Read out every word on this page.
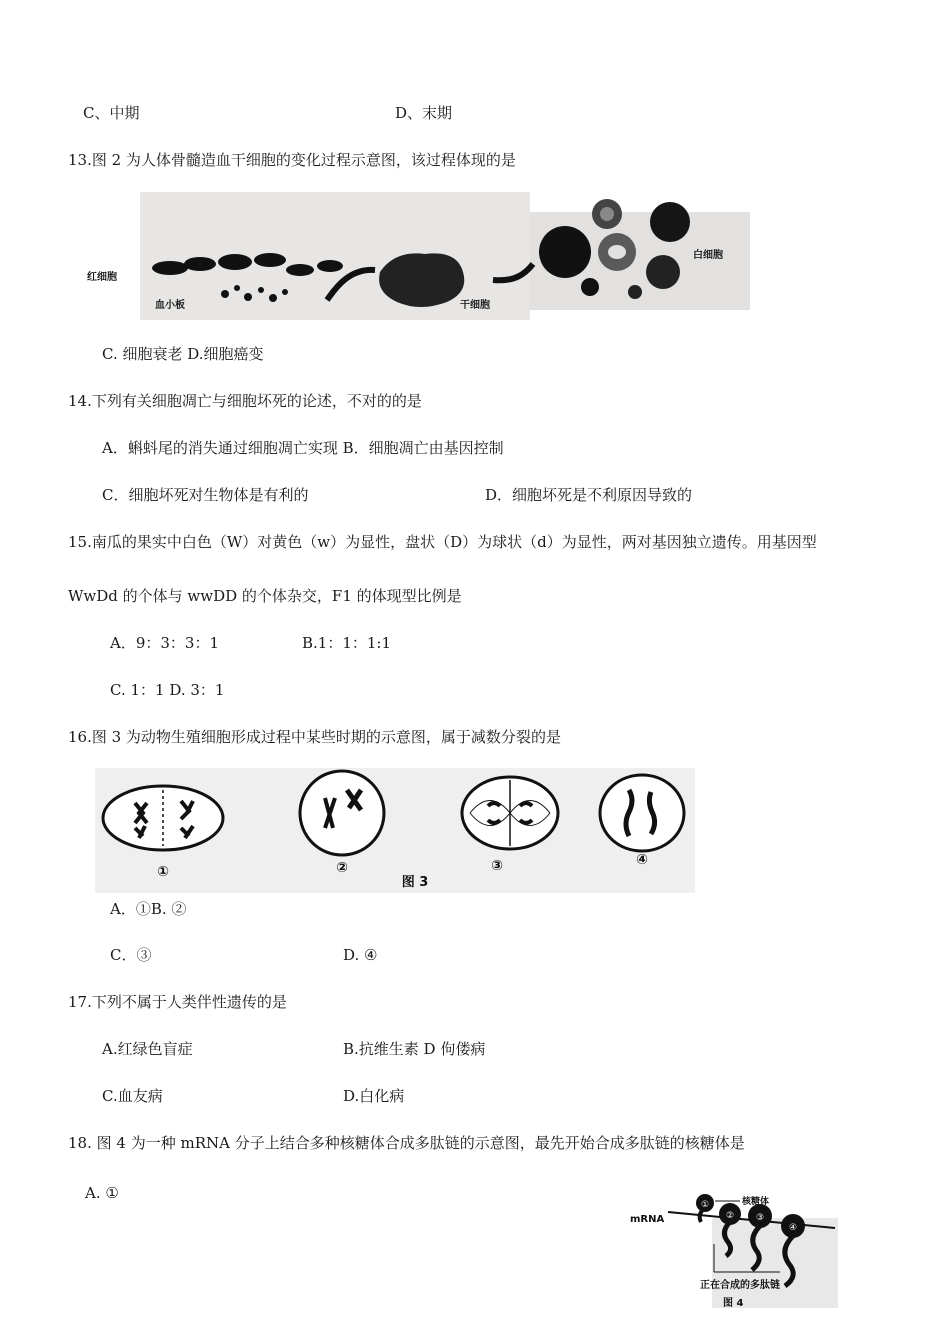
C、中期	D、末期
13.图 2 为人体骨髓造血干细胞的变化过程示意图，该过程体现的是
红细胞
血小板	干细胞
白细胞
C. 细胞衰老 D.细胞癌变
14.下列有关细胞凋亡与细胞坏死的论述，不对的的是
A．蝌蚪尾的消失通过细胞凋亡实现 B．细胞凋亡由基因控制
C．细胞坏死对生物体是有利的	D．细胞坏死是不利原因导致的
15.南瓜的果实中白色（W）对黄色（w）为显性，盘状（D）为球状（d）为显性，两对基因独立遗传。用基因型
WwDd 的个体与 wwDD 的个体杂交，F1 的体现型比例是
A．9：3：3：1	B.1：1：1:1
C. 1：1 D. 3：1
16.图 3 为动物生殖细胞形成过程中某些时期的示意图，属于减数分裂的是
①	②	③	④
图 3
A．①B. ②
C．③	D. ④
17.下列不属于人类伴性遗传的是
A.红绿色盲症	B.抗维生素 D 佝偻病
C.血友病	D.白化病
18. 图 4 为一种 mRNA 分子上结合多种核糖体合成多肽链的示意图，最先开始合成多肽链的核糖体是
A. ①
①
② ③
④
核糖体
mRNA
正在合成的多肽链
图 4
